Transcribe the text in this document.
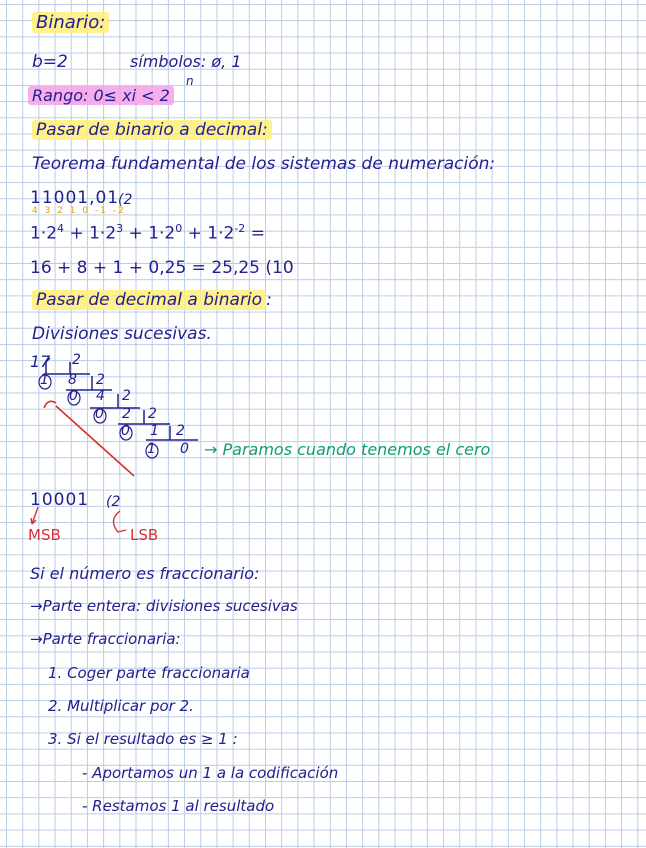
Binario:
b=2	símbolos: ø, 1
Rango: 0≤ xi < 2
n
Pasar de binario a decimal:
Teorema fundamental de los sistemas de numeración:
11001,01
(2
4 3 2 1 0 -1 -2
$1\cdot 2^4 + 1\cdot 2^3 + 1\cdot 2^0 + 1\cdot 2^{-2}$ =
16 + 8 + 1 + 0,25 = 25,25 (10
Pasar de decimal a binario :
Divisiones sucesivas.
17 2
1 8 2
0 4 2
0 2 2
0 1 2
1 0 → Paramos cuando tenemos el cero
10001 (2
MSB	LSB
Si el número es fraccionario:
→Parte entera: divisiones sucesivas
→Parte fraccionaria:
1. Coger parte fraccionaria
2. Multiplicar por 2.
3. Si el resultado es ≥ 1 :
- Aportamos un 1 a la codificación
- Restamos 1 al resultado
